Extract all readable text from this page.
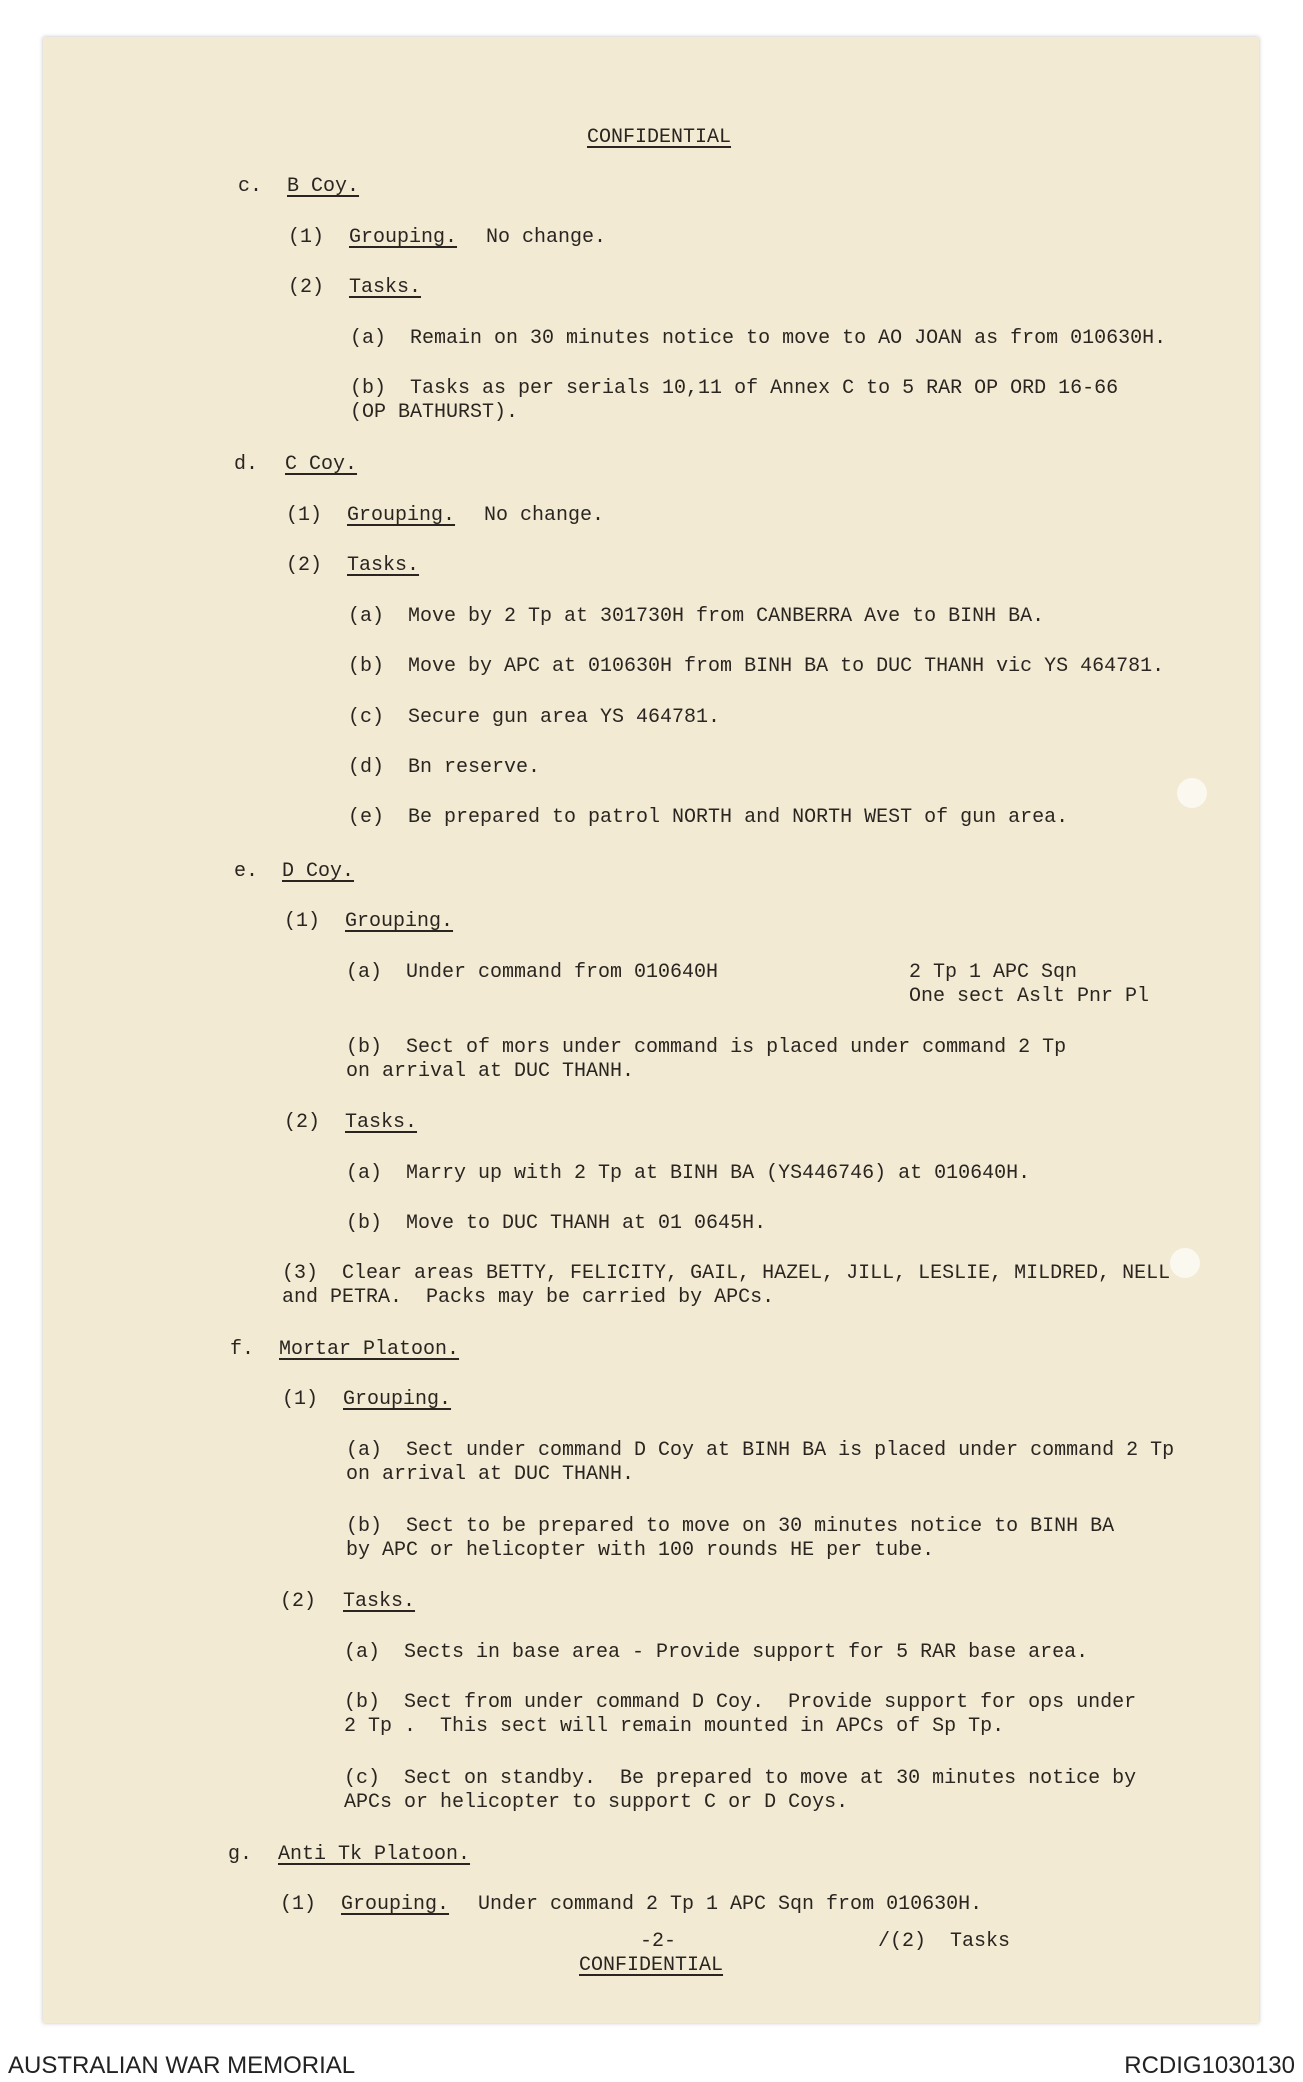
CONFIDENTIAL
c. B Coy.
(1) Grouping. No change.
(2) Tasks.
(a)  Remain on 30 minutes notice to move to AO JOAN as from 010630H.
(b)  Tasks as per serials 10,11 of Annex C to 5 RAR OP ORD 16-66
(OP BATHURST).
d. C Coy.
(1) Grouping. No change.
(2) Tasks.
(a)  Move by 2 Tp at 301730H from CANBERRA Ave to BINH BA.
(b)  Move by APC at 010630H from BINH BA to DUC THANH vic YS 464781.
(c)  Secure gun area YS 464781.
(d)  Bn reserve.
(e)  Be prepared to patrol NORTH and NORTH WEST of gun area.
e. D Coy.
(1) Grouping.
(a)  Under command from 010640H	2 Tp 1 APC Sqn
One sect Aslt Pnr Pl
(b)  Sect of mors under command is placed under command 2 Tp
on arrival at DUC THANH.
(2) Tasks.
(a)  Marry up with 2 Tp at BINH BA (YS446746) at 010640H.
(b)  Move to DUC THANH at 01 0645H.
(3)  Clear areas BETTY, FELICITY, GAIL, HAZEL, JILL, LESLIE, MILDRED, NELL
and PETRA.  Packs may be carried by APCs.
f. Mortar Platoon.
(1) Grouping.
(a)  Sect under command D Coy at BINH BA is placed under command 2 Tp
on arrival at DUC THANH.
(b)  Sect to be prepared to move on 30 minutes notice to BINH BA
by APC or helicopter with 100 rounds HE per tube.
(2) Tasks.
(a)  Sects in base area - Provide support for 5 RAR base area.
(b)  Sect from under command D Coy.  Provide support for ops under
2 Tp .  This sect will remain mounted in APCs of Sp Tp.
(c)  Sect on standby.  Be prepared to move at 30 minutes notice by
APCs or helicopter to support C or D Coys.
g. Anti Tk Platoon.
(1) Grouping. Under command 2 Tp 1 APC Sqn from 010630H.
-2-	/(2)  Tasks
CONFIDENTIAL
AUSTRALIAN WAR MEMORIAL	RCDIG1030130
